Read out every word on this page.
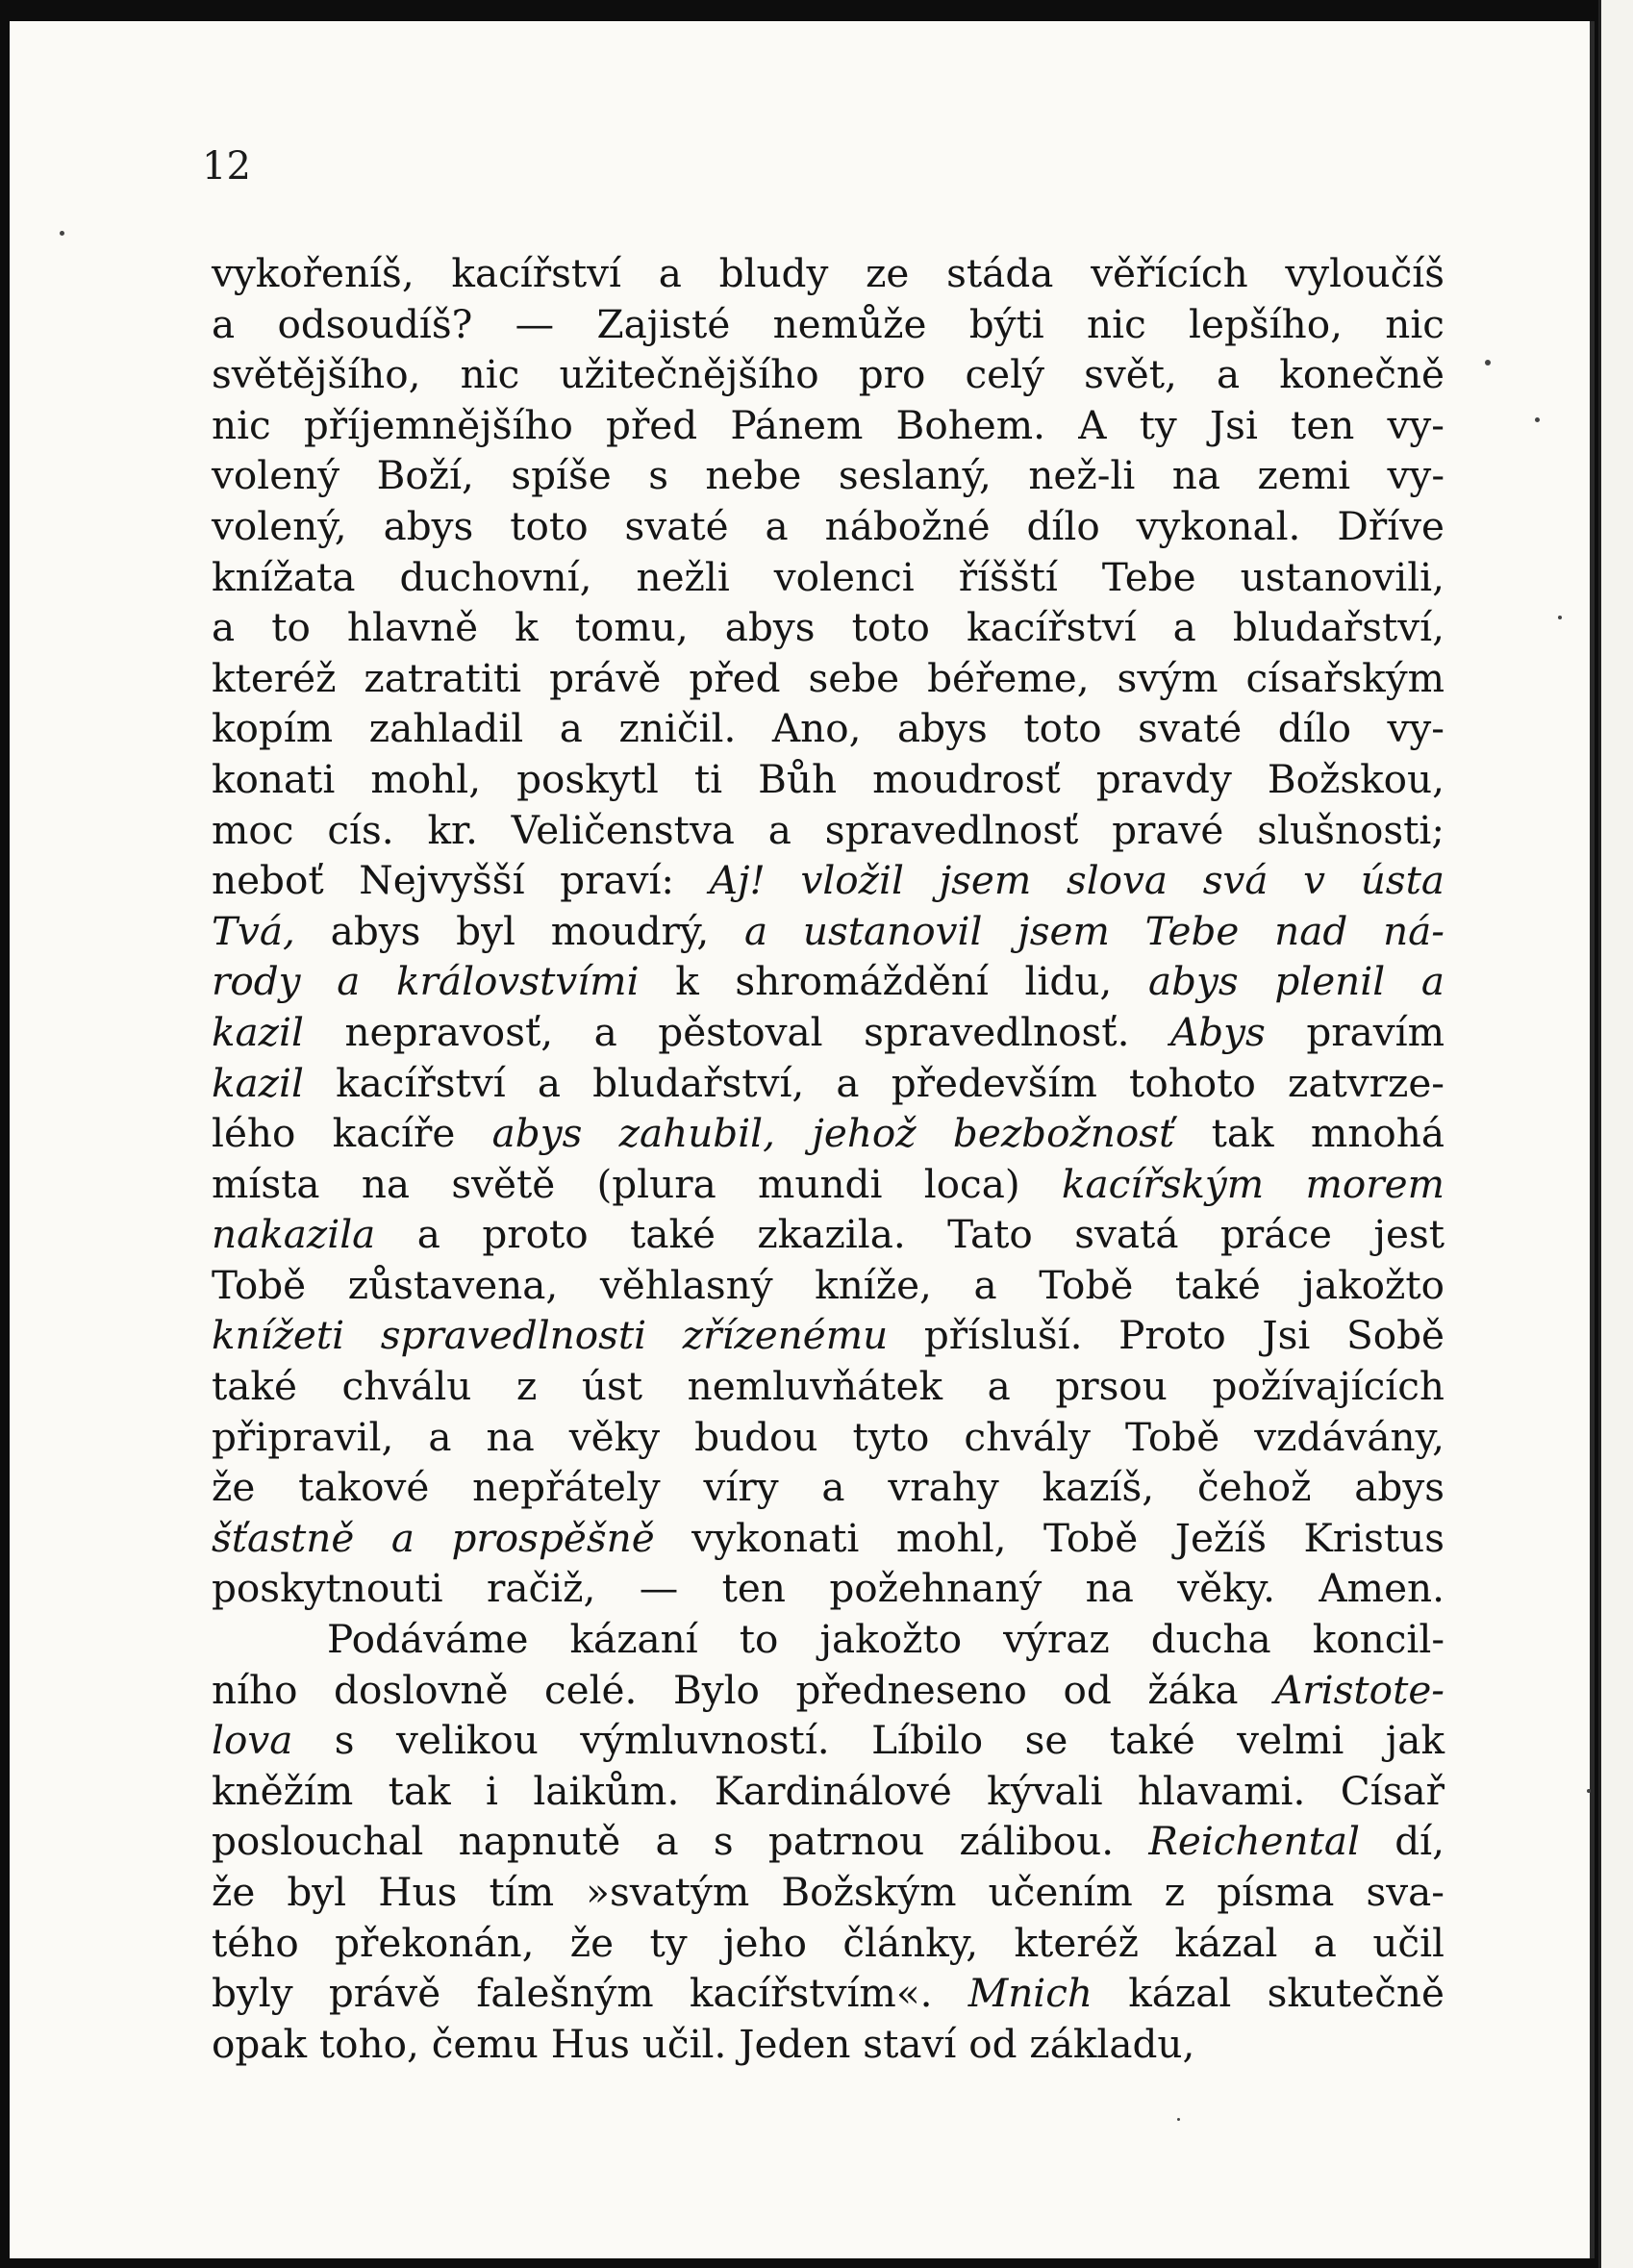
12
vykořeníš, kacířství a bludy ze stáda věřících vyloučíš
a odsoudíš? — Zajisté nemůže býti nic lepšího, nic
světějšího, nic užitečnějšího pro celý svět, a konečně
nic příjemnějšího před Pánem Bohem. A ty Jsi ten vy-
volený Boží, spíše s nebe seslaný, než-li na zemi vy-
volený, abys toto svaté a nábožné dílo vykonal. Dříve
knížata duchovní, nežli volenci říšští Tebe ustanovili,
a to hlavně k tomu, abys toto kacířství a bludařství,
kteréž zatratiti právě před sebe béřeme, svým císařským
kopím zahladil a zničil. Ano, abys toto svaté dílo vy-
konati mohl, poskytl ti Bůh moudrosť pravdy Božskou,
moc cís. kr. Veličenstva a spravedlnosť pravé slušnosti;
neboť Nejvyšší praví: Aj! vložil jsem slova svá v ústa
Tvá, abys byl moudrý, a ustanovil jsem Tebe nad ná-
rody a královstvími k shromáždění lidu, abys plenil a
kazil nepravosť, a pěstoval spravedlnosť. Abys pravím
kazil kacířství a bludařství, a především tohoto zatvrze-
lého kacíře abys zahubil, jehož bezbožnosť tak mnohá
místa na světě (plura mundi loca) kacířským morem
nakazila a proto také zkazila. Tato svatá práce jest
Tobě zůstavena, věhlasný kníže, a Tobě také jakožto
knížeti spravedlnosti zřízenému přísluší. Proto Jsi Sobě
také chválu z úst nemluvňátek a prsou požívajících
připravil, a na věky budou tyto chvály Tobě vzdávány,
že takové nepřátely víry a vrahy kazíš, čehož abys
šťastně a prospěšně vykonati mohl, Tobě Ježíš Kristus
poskytnouti račiž, — ten požehnaný na věky. Amen.
Podáváme kázaní to jakožto výraz ducha koncil-
ního doslovně celé. Bylo předneseno od žáka Aristote-
lova s velikou výmluvností. Líbilo se také velmi jak
kněžím tak i laikům. Kardinálové kývali hlavami. Císař
poslouchal napnutě a s patrnou zálibou. Reichental dí,
že byl Hus tím »svatým Božským učením z písma sva-
tého překonán, že ty jeho články, kteréž kázal a učil
byly právě falešným kacířstvím«. Mnich kázal skutečně
opak toho, čemu Hus učil. Jeden staví od základu,
